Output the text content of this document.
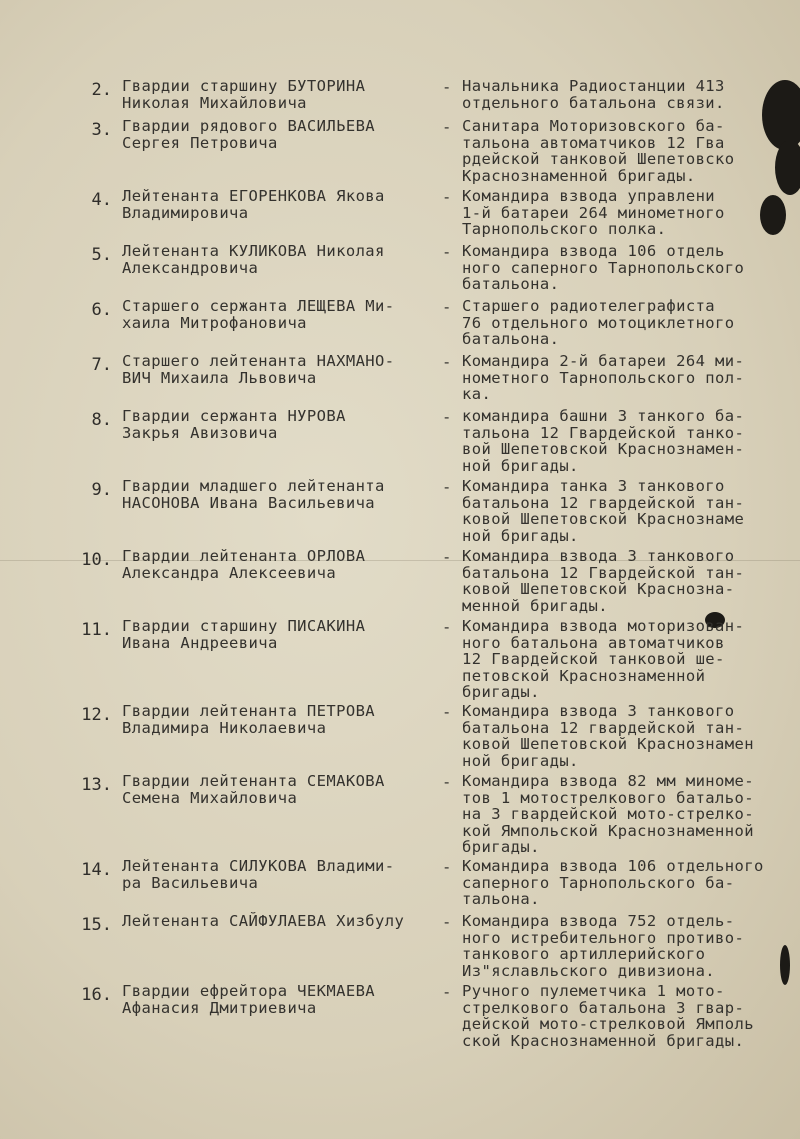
2. Гвардии старшину БУТОРИНА
Николая Михайловича
- Начальника Радиостанции 413
отдельного батальона связи.
3. Гвардии рядового ВАСИЛЬЕВА
Сергея Петровича
- Санитара Моторизовского ба-
тальона автоматчиков 12 Гва
рдейской танковой Шепетовско
Краснознаменной бригады.
4. Лейтенанта ЕГОРЕНКОВА Якова
Владимировича
- Командира взвода управлени
1-й батареи 264 минометного
Тарнопольского полка.
5. Лейтенанта КУЛИКОВА Николая
Александровича
- Командира взвода 106 отдель
ного саперного Тарнопольского
батальона.
6. Старшего сержанта ЛЕЩЕВА Ми-
хаила Митрофановича
- Старшего радиотелеграфиста
76 отдельного мотоциклетного
батальона.
7. Старшего лейтенанта НАХМАНО-
ВИЧ Михаила Львовича
- Командира 2-й батареи 264 ми-
нометного Тарнопольского пол-
ка.
8. Гвардии сержанта НУРОВА
Закрья Авизовича
- командира башни 3 танкого ба-
тальона 12 Гвардейской танко-
вой Шепетовской Краснознамен-
ной бригады.
9. Гвардии младшего лейтенанта
НАСОНОВА Ивана Васильевича
- Командира танка 3 танкового
батальона 12 гвардейской тан-
ковой Шепетовской Краснознаме
ной бригады.
10. Гвардии лейтенанта ОРЛОВА
Александра Алексеевича
- Командира взвода 3 танкового
батальона 12 Гвардейской тан-
ковой Шепетовской Краснозна-
менной бригады.
11. Гвардии старшину ПИСАКИНА
Ивана Андреевича
- Командира взвода моторизован-
ного батальона автоматчиков
12 Гвардейской танковой ше-
петовской Краснознаменной
бригады.
12. Гвардии лейтенанта ПЕТРОВА
Владимира Николаевича
- Командира взвода 3 танкового
батальона 12 гвардейской тан-
ковой Шепетовской Краснознамен
ной бригады.
13. Гвардии лейтенанта СЕМАКОВА
Семена Михайловича
- Командира взвода 82 мм миноме-
тов 1 мотострелкового батальо-
на 3 гвардейской мото-стрелко-
кой Ямпольской Краснознаменной
бригады.
14. Лейтенанта СИЛУКОВА Владими-
ра Васильевича
- Командира взвода 106 отдельного
саперного Тарнопольского ба-
тальона.
15. Лейтенанта САЙФУЛАЕВА Хизбулу - Командира взвода 752 отдель-
ного истребительного противо-
танкового артиллерийского
Из"яславльского дивизиона.
16. Гвардии ефрейтора ЧЕКМАЕВА
Афанасия Дмитриевича
- Ручного пулеметчика 1 мото-
стрелкового батальона 3 гвар-
дейской мото-стрелковой Ямполь
ской Краснознаменной бригады.
